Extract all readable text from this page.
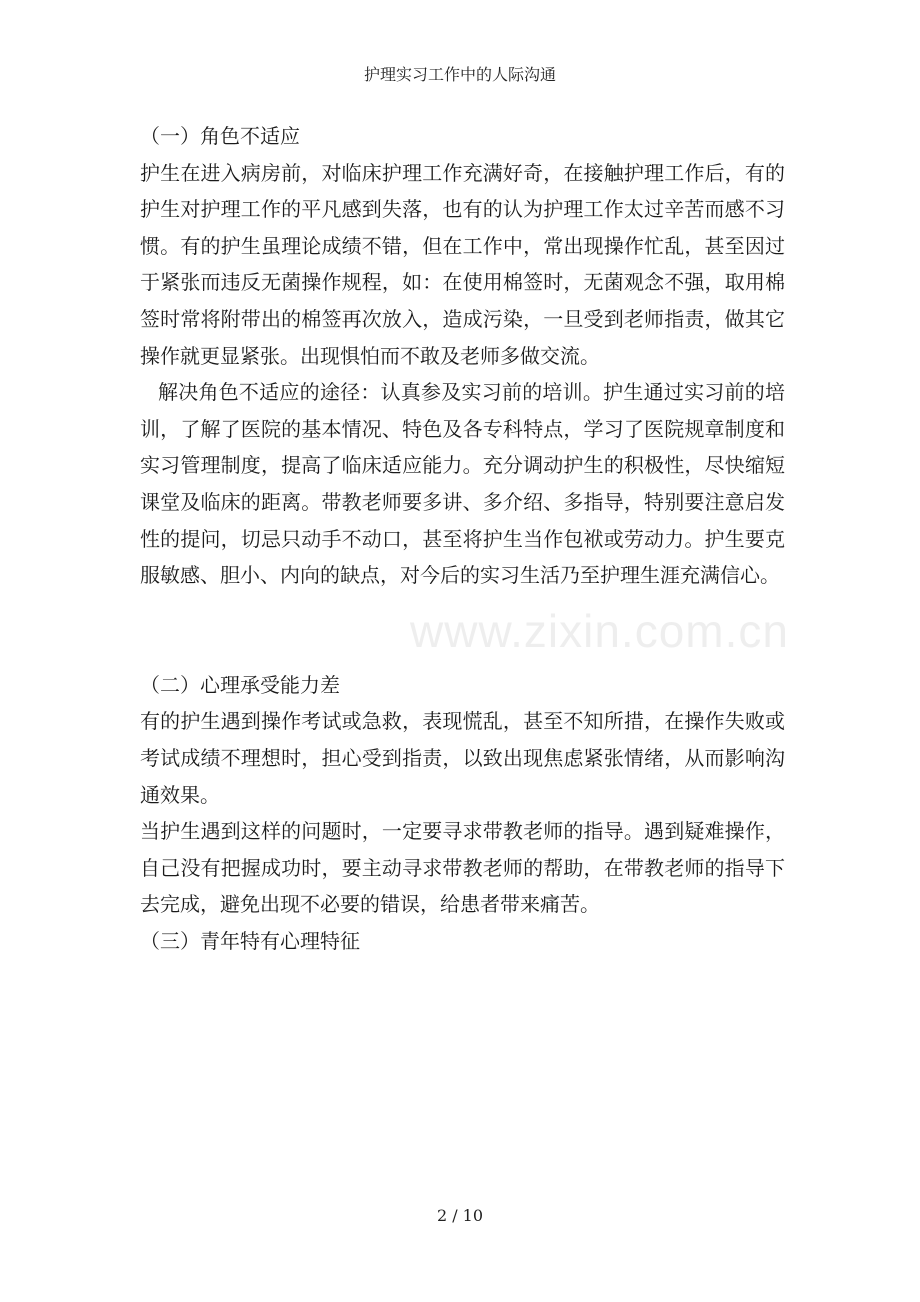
护理实习工作中的人际沟通

（一）角色不适应

护生在进入病房前，对临床护理工作充满好奇，在接触护理工作后，有的护生对护理工作的平凡感到失落，也有的认为护理工作太过辛苦而感不习惯。有的护生虽理论成绩不错，但在工作中，常出现操作忙乱，甚至因过于紧张而违反无菌操作规程，如：在使用棉签时，无菌观念不强，取用棉签时常将附带出的棉签再次放入，造成污染，一旦受到老师指责，做其它操作就更显紧张。出现惧怕而不敢及老师多做交流。

解决角色不适应的途径：认真参及实习前的培训。护生通过实习前的培训，了解了医院的基本情况、特色及各专科特点，学习了医院规章制度和实习管理制度，提高了临床适应能力。充分调动护生的积极性，尽快缩短课堂及临床的距离。带教老师要多讲、多介绍、多指导，特别要注意启发性的提问，切忌只动手不动口，甚至将护生当作包袱或劳动力。护生要克服敏感、胆小、内向的缺点，对今后的实习生活乃至护理生涯充满信心。

（二）心理承受能力差

有的护生遇到操作考试或急救，表现慌乱，甚至不知所措，在操作失败或考试成绩不理想时，担心受到指责，以致出现焦虑紧张情绪，从而影响沟通效果。

当护生遇到这样的问题时，一定要寻求带教老师的指导。遇到疑难操作，自己没有把握成功时，要主动寻求带教老师的帮助，在带教老师的指导下去完成，避免出现不必要的错误，给患者带来痛苦。

（三）青年特有心理特征

www.zixin.com.cn
2 / 10
